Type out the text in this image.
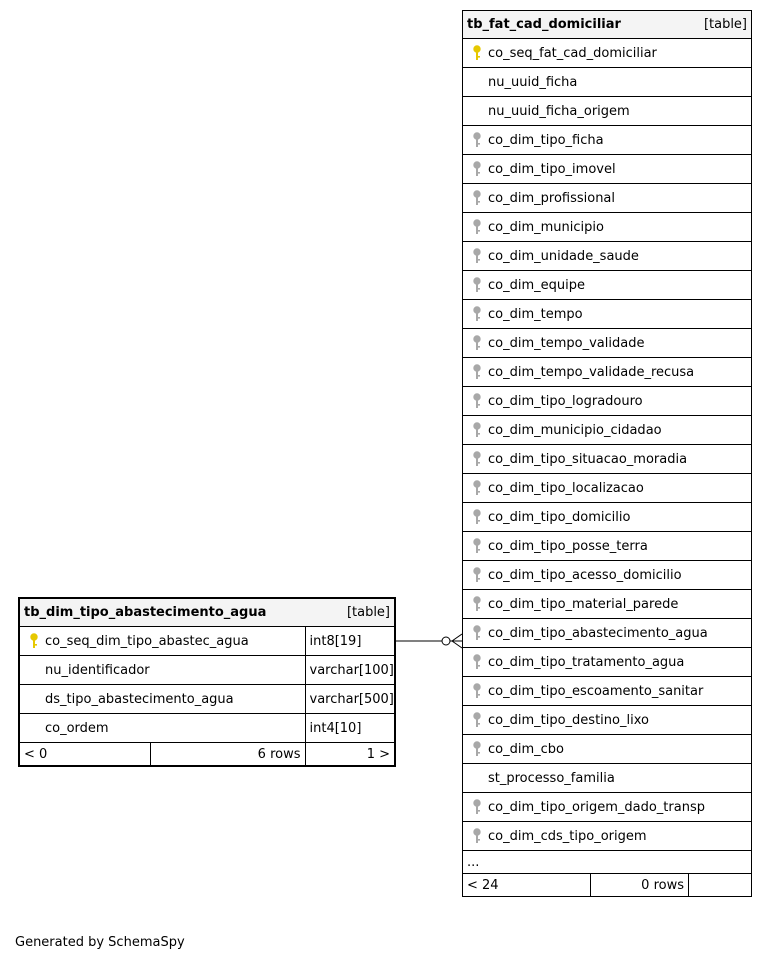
tb_dim_tipo_abastecimento_agua [table]		

co_seq_dim_tipo_abastec_agua		int8[19]

nu_identificador		varchar[100]

ds_tipo_abastecimento_agua		varchar[500]

co_ordem		int4[10]
< 0	6 rows	1 >
tb_fat_cad_domiciliar	[table]

co_seq_fat_cad_domiciliar

nu_uuid_ficha

nu_uuid_ficha_origem

co_dim_tipo_ficha

co_dim_tipo_imovel

co_dim_profissional

co_dim_municipio

co_dim_unidade_saude

co_dim_equipe

co_dim_tempo

co_dim_tempo_validade

co_dim_tempo_validade_recusa

co_dim_tipo_logradouro

co_dim_municipio_cidadao

co_dim_tipo_situacao_moradia

co_dim_tipo_localizacao

co_dim_tipo_domicilio

co_dim_tipo_posse_terra

co_dim_tipo_acesso_domicilio

co_dim_tipo_material_parede

co_dim_tipo_abastecimento_agua

co_dim_tipo_tratamento_agua

co_dim_tipo_escoamento_sanitar

co_dim_tipo_destino_lixo

co_dim_cbo

st_processo_familia

co_dim_tipo_origem_dado_transp

co_dim_cds_tipo_origem

...
< 24	0 rows	
Generated by SchemaSpy
